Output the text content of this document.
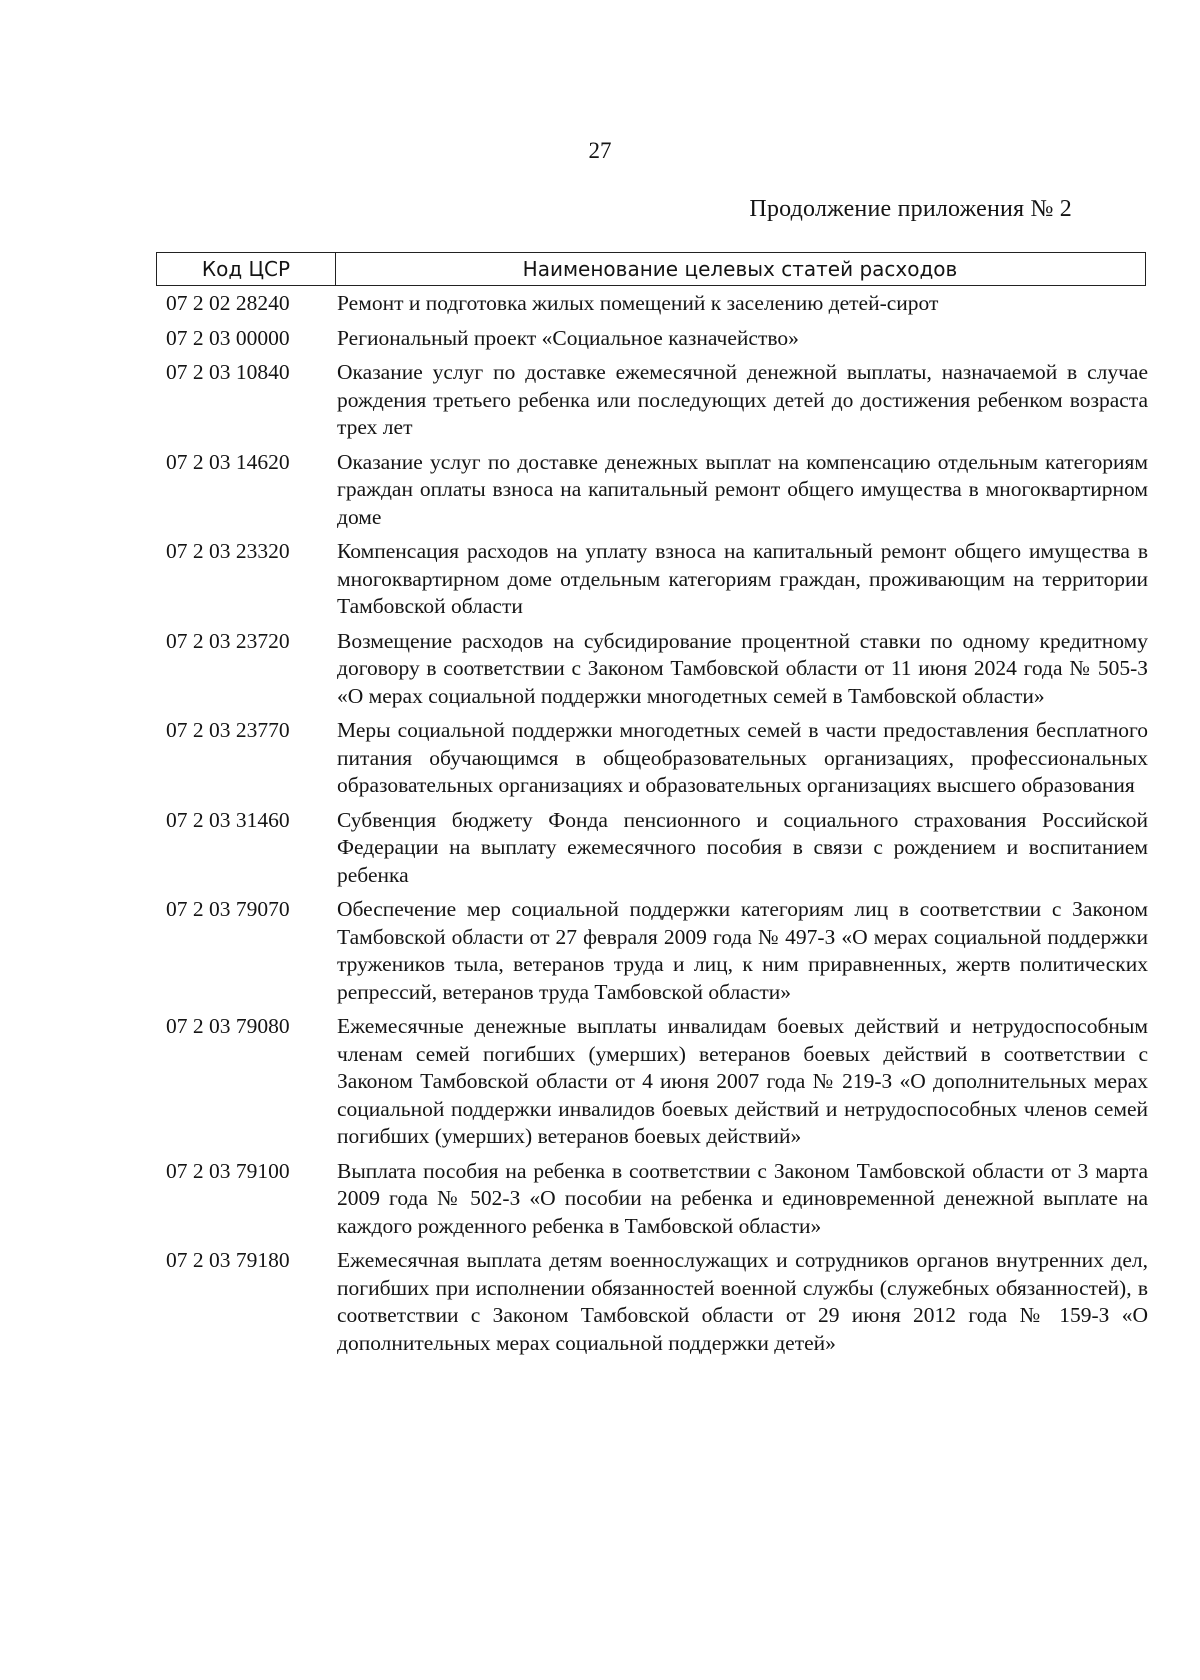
27
Продолжение приложения № 2
Код ЦСР	Наименование целевых статей расходов
07 2 02 28240	Ремонт и подготовка жилых помещений к заселению детей-сирот
07 2 03 00000	Региональный проект «Социальное казначейство»
07 2 03 10840	Оказание услуг по доставке ежемесячной денежной выплаты, назначаемой в случае рождения третьего ребенка или последующих детей до достижения ребенком возраста трех лет
07 2 03 14620	Оказание услуг по доставке денежных выплат на компенсацию отдельным категориям граждан оплаты взноса на капитальный ремонт общего имущества в многоквартирном доме
07 2 03 23320	Компенсация расходов на уплату взноса на капитальный ремонт общего имущества в многоквартирном доме отдельным категориям граждан, проживающим на территории Тамбовской области
07 2 03 23720	Возмещение расходов на субсидирование процентной ставки по одному кредитному договору в соответствии с Законом Тамбовской области от 11 июня 2024 года № 505-З «О мерах социальной поддержки многодетных семей в Тамбовской области»
07 2 03 23770	Меры социальной поддержки многодетных семей в части предоставления бесплатного питания обучающимся в общеобразовательных организациях, профессиональных образовательных организациях и образовательных организациях высшего образования
07 2 03 31460	Субвенция бюджету Фонда пенсионного и социального страхования Российской Федерации на выплату ежемесячного пособия в связи с рождением и воспитанием ребенка
07 2 03 79070	Обеспечение мер социальной поддержки категориям лиц в соответствии с Законом Тамбовской области от 27 февраля 2009 года № 497-З «О мерах социальной поддержки тружеников тыла, ветеранов труда и лиц, к ним приравненных, жертв политических репрессий, ветеранов труда Тамбовской области»
07 2 03 79080	Ежемесячные денежные выплаты инвалидам боевых действий и нетрудоспособным членам семей погибших (умерших) ветеранов боевых действий в соответствии с Законом Тамбовской области от 4 июня 2007 года № 219-З «О дополнительных мерах социальной поддержки инвалидов боевых действий и нетрудоспособных членов семей погибших (умерших) ветеранов боевых действий»
07 2 03 79100	Выплата пособия на ребенка в соответствии с Законом Тамбовской области от 3 марта 2009 года № 502-З «О пособии на ребенка и единовременной денежной выплате на каждого рожденного ребенка в Тамбовской области»
07 2 03 79180	Ежемесячная выплата детям военнослужащих и сотрудников органов внутренних дел, погибших при исполнении обязанностей военной службы (служебных обязанностей), в соответствии с Законом Тамбовской области от 29 июня 2012 года № 159-З «О дополнительных мерах социальной поддержки детей»
